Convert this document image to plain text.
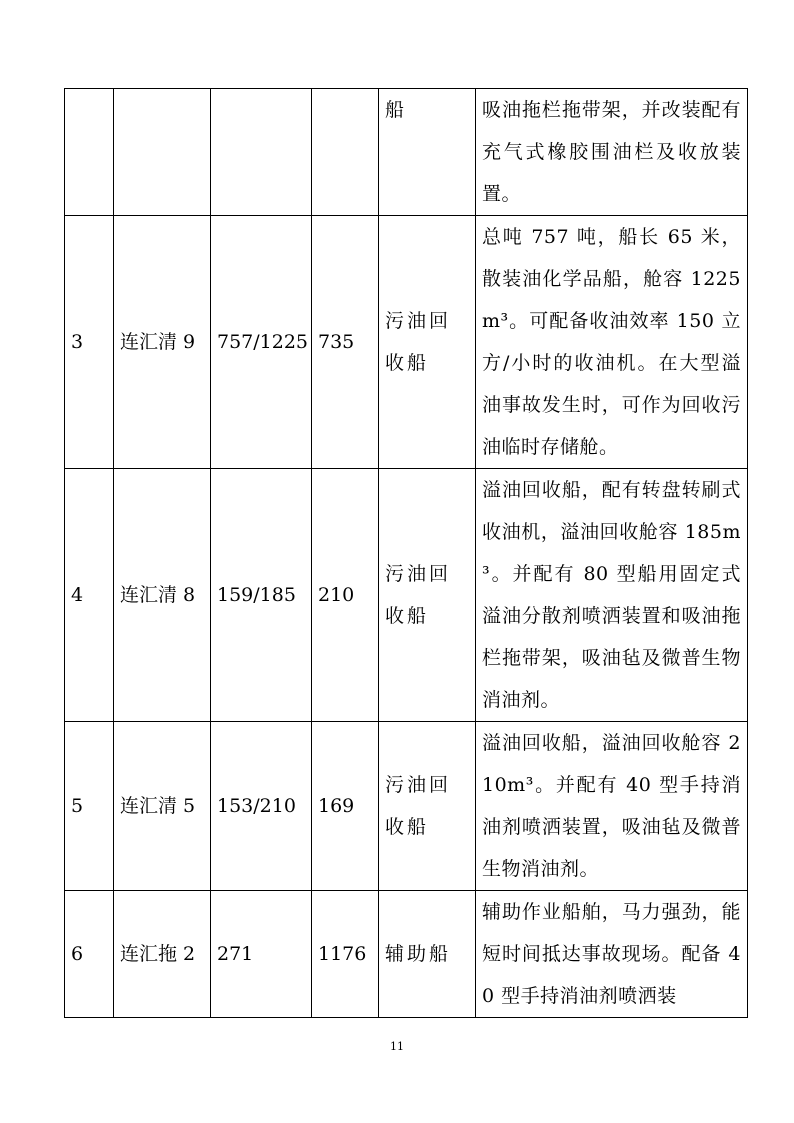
				船	吸油拖栏拖带架，并改装配有充气式橡胶围油栏及收放装置。

3	连汇清 9	757/1225	735	污油回收船	总吨 757 吨，船长 65 米，散装油化学品船，舱容 1225m³。可配备收油效率 150 立方/小时的收油机。在大型溢油事故发生时，可作为回收污油临时存储舱。

4	连汇清 8	159/185	210	污油回收船	溢油回收船，配有转盘转刷式收油机，溢油回收舱容 185m³。并配有 80 型船用固定式溢油分散剂喷洒装置和吸油拖栏拖带架，吸油毡及微普生物消油剂。

5	连汇清 5	153/210	169	污油回收船	溢油回收船，溢油回收舱容 210m³。并配有 40 型手持消油剂喷洒装置，吸油毡及微普生物消油剂。

6	连汇拖 2	271	1176	辅助船	辅助作业船舶，马力强劲，能短时间抵达事故现场。配备 40 型手持消油剂喷洒装
11
